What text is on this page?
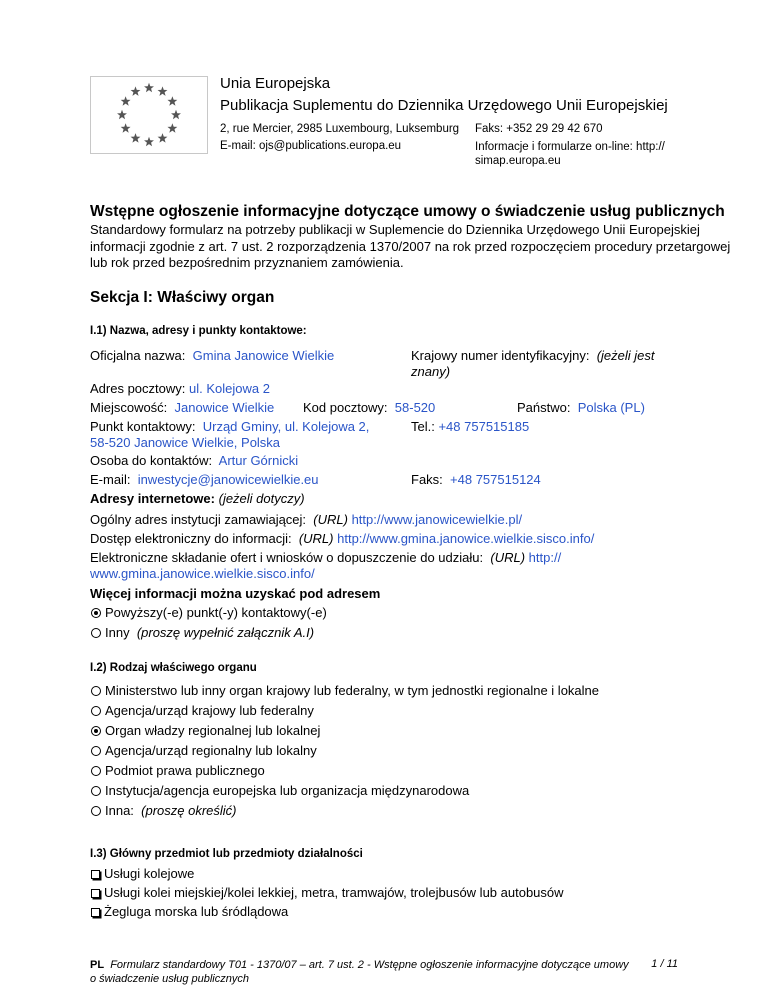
Unia Europejska
Publikacja Suplementu do Dziennika Urzędowego Unii Europejskiej
2, rue Mercier, 2985 Luxembourg, Luksemburg Faks: +352 29 29 42 670
E-mail: ojs@publications.europa.eu	Informacje i formularze on-line: http://
simap.europa.eu
Wstępne ogłoszenie informacyjne dotyczące umowy o świadczenie usług publicznych
Standardowy formularz na potrzeby publikacji w Suplemencie do Dziennika Urzędowego Unii Europejskiej informacji zgodnie z art. 7 ust. 2 rozporządzenia 1370/2007 na rok przed rozpoczęciem procedury przetargowej lub rok przed bezpośrednim przyznaniem zamówienia.
Sekcja I: Właściwy organ
I.1) Nazwa, adresy i punkty kontaktowe:
Oficjalna nazwa: Gmina Janowice Wielkie	Krajowy numer identyfikacyjny: (jeżeli jest
znany)
Adres pocztowy: ul. Kolejowa 2
Miejscowość: Janowice Wielkie Kod pocztowy: 58-520	Państwo: Polska (PL)
Punkt kontaktowy: Urząd Gminy, ul. Kolejowa 2,
58-520 Janowice Wielkie, Polska
Tel.: +48 757515185
Osoba do kontaktów: Artur Górnicki
E-mail: inwestycje@janowicewielkie.eu	Faks: +48 757515124
Adresy internetowe: (jeżeli dotyczy)
Ogólny adres instytucji zamawiającej: (URL) http://www.janowicewielkie.pl/
Dostęp elektroniczny do informacji: (URL) http://www.gmina.janowice.wielkie.sisco.info/
Elektroniczne składanie ofert i wniosków o dopuszczenie do udziału: (URL) http://
www.gmina.janowice.wielkie.sisco.info/
Więcej informacji można uzyskać pod adresem
Powyższy(-e) punkt(-y) kontaktowy(-e)
Inny (proszę wypełnić załącznik A.I)
I.2) Rodzaj właściwego organu
Ministerstwo lub inny organ krajowy lub federalny, w tym jednostki regionalne i lokalne
Agencja/urząd krajowy lub federalny
Organ władzy regionalnej lub lokalnej
Agencja/urząd regionalny lub lokalny
Podmiot prawa publicznego
Instytucja/agencja europejska lub organizacja międzynarodowa
Inna: (proszę określić)
I.3) Główny przedmiot lub przedmioty działalności
Usługi kolejowe
Usługi kolei miejskiej/kolei lekkiej, metra, tramwajów, trolejbusów lub autobusów
Żegluga morska lub śródlądowa
PL Formularz standardowy T01 - 1370/07 – art. 7 ust. 2 - Wstępne ogłoszenie informacyjne dotyczące umowy
o świadczenie usług publicznych
1 / 11
